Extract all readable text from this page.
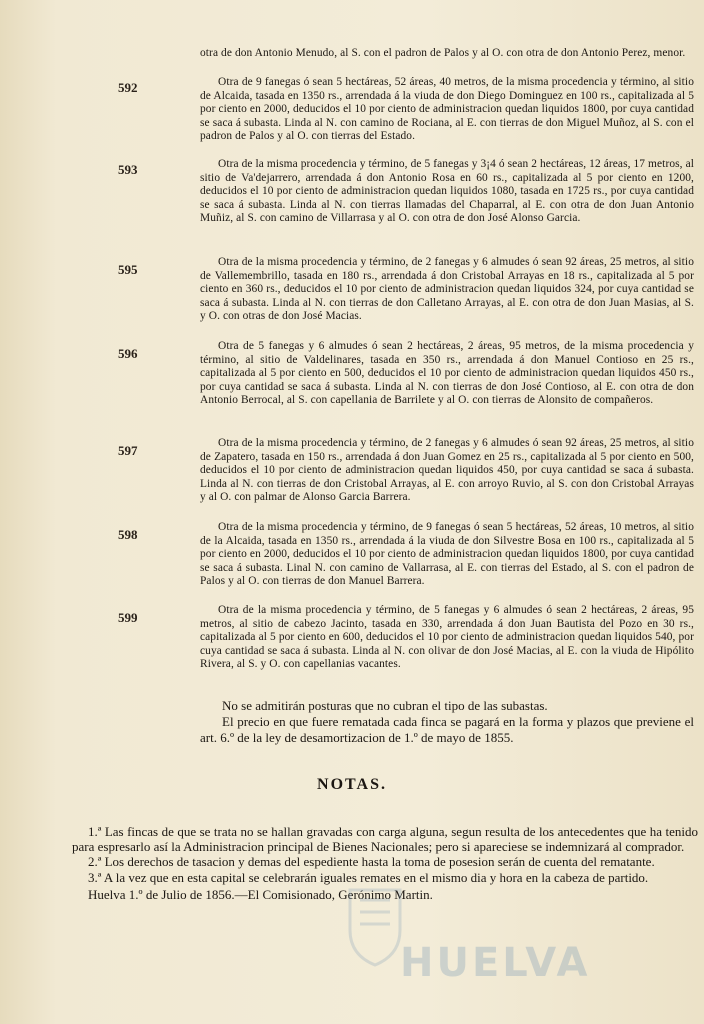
otra de don Antonio Menudo, al S. con el padron de Palos y al O. con otra de don Antonio Perez, menor.
592	Otra de 9 fanegas ó sean 5 hectáreas, 52 áreas, 40 metros, de la misma procedencia y término, al sitio de Alcaida, tasada en 1350 rs., arrendada á la viuda de don Diego Dominguez en 100 rs., capitalizada al 5 por ciento en 2000, deducidos el 10 por ciento de administracion quedan liquidos 1800, por cuya cantidad se saca á subasta. Linda al N. con camino de Rociana, al E. con tierras de don Miguel Muñoz, al S. con el padron de Palos y al O. con tierras del Estado.
593	Otra de la misma procedencia y término, de 5 fanegas y 3¡4 ó sean 2 hectáreas, 12 áreas, 17 metros, al sitio de Va'dejarrero, arrendada á don Antonio Rosa en 60 rs., capitalizada al 5 por ciento en 1200, deducidos el 10 por ciento de administracion quedan liquidos 1080, tasada en 1725 rs., por cuya cantidad se saca á subasta. Linda al N. con tierras llamadas del Chaparral, al E. con otra de don Juan Antonio Muñiz, al S. con camino de Villarrasa y al O. con otra de don José Alonso Garcia.
595	Otra de la misma procedencia y término, de 2 fanegas y 6 almudes ó sean 92 áreas, 25 metros, al sitio de Vallemembrillo, tasada en 180 rs., arrendada á don Cristobal Arrayas en 18 rs., capitalizada al 5 por ciento en 360 rs., deducidos el 10 por ciento de administracion quedan liquidos 324, por cuya cantidad se saca á subasta. Linda al N. con tierras de don Calletano Arrayas, al E. con otra de don Juan Masias, al S. y O. con otras de don José Macias.
596	Otra de 5 fanegas y 6 almudes ó sean 2 hectáreas, 2 áreas, 95 metros, de la misma procedencia y término, al sitio de Valdelinares, tasada en 350 rs., arrendada á don Manuel Contioso en 25 rs., capitalizada al 5 por ciento en 500, deducidos el 10 por ciento de administracion quedan liquidos 450 rs., por cuya cantidad se saca á subasta. Linda al N. con tierras de don José Contioso, al E. con otra de don Antonio Berrocal, al S. con capellania de Barrilete y al O. con tierras de Alonsito de compañeros.
597	Otra de la misma procedencia y término, de 2 fanegas y 6 almudes ó sean 92 áreas, 25 metros, al sitio de Zapatero, tasada en 150 rs., arrendada á don Juan Gomez en 25 rs., capitalizada al 5 por ciento en 500, deducidos el 10 por ciento de administracion quedan liquidos 450, por cuya cantidad se saca á subasta. Linda al N. con tierras de don Cristobal Arrayas, al E. con arroyo Ruvio, al S. con don Cristobal Arrayas y al O. con palmar de Alonso Garcia Barrera.
598	Otra de la misma procedencia y término, de 9 fanegas ó sean 5 hectáreas, 52 áreas, 10 metros, al sitio de la Alcaida, tasada en 1350 rs., arrendada á la viuda de don Silvestre Bosa en 100 rs., capitalizada al 5 por ciento en 2000, deducidos el 10 por ciento de administracion quedan liquidos 1800, por cuya cantidad se saca á subasta. Linal N. con camino de Vallarrasa, al E. con tierras del Estado, al S. con el padron de Palos y al O. con tierras de don Manuel Barrera.
599	Otra de la misma procedencia y término, de 5 fanegas y 6 almudes ó sean 2 hectáreas, 2 áreas, 95 metros, al sitio de cabezo Jacinto, tasada en 330, arrendada á don Juan Bautista del Pozo en 30 rs., capitalizada al 5 por ciento en 600, deducidos el 10 por ciento de administracion quedan liquidos 540, por cuya cantidad se saca á subasta. Linda al N. con olivar de don José Macias, al E. con la viuda de Hipólito Rivera, al S. y O. con capellanias vacantes.
No se admitirán posturas que no cubran el tipo de las subastas.
El precio en que fuere rematada cada finca se pagará en la forma y plazos que previene el art. 6.º de la ley de desamortizacion de 1.º de mayo de 1855.
NOTAS.

1.ª Las fincas de que se trata no se hallan gravadas con carga alguna, segun resulta de los antecedentes que ha tenido para espresarlo así la Administracion principal de Bienes Nacionales; pero si apareciese se indemnizará al comprador.

2.ª Los derechos de tasacion y demas del espediente hasta la toma de posesion serán de cuenta del rematante.

3.ª A la vez que en esta capital se celebrarán iguales remates en el mismo dia y hora en la cabeza de partido.

Huelva 1.º de Julio de 1856.—El Comisionado, Gerónimo Martin.

HUELVA
